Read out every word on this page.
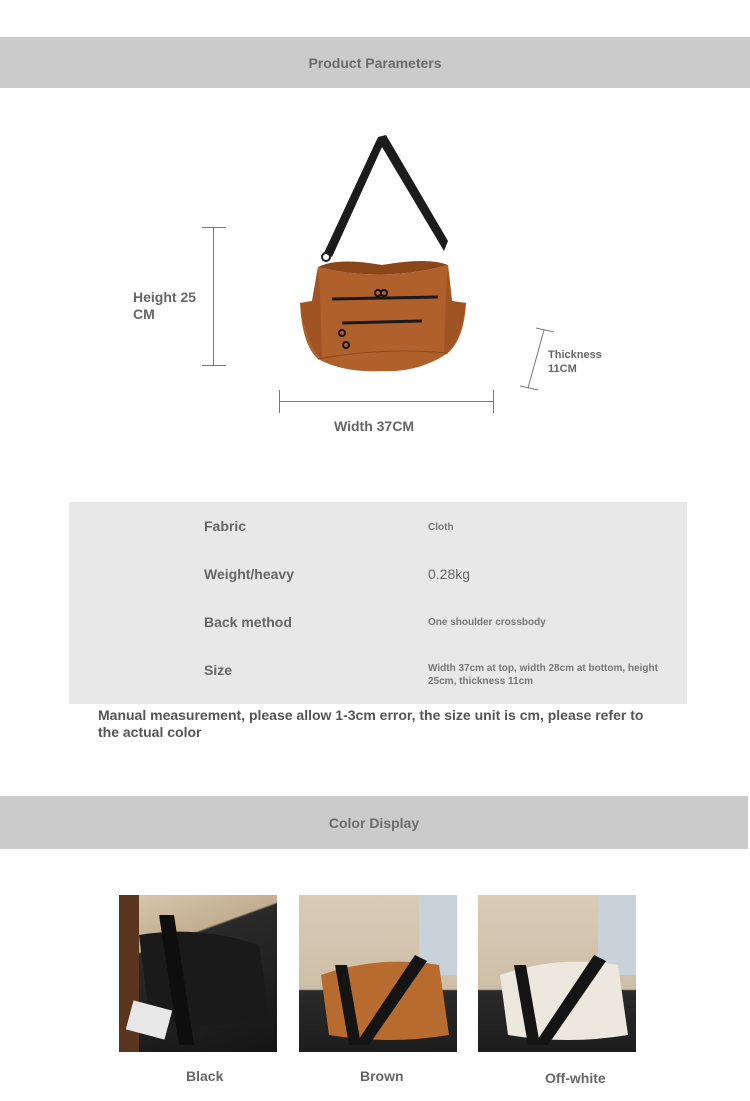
Product Parameters
Height 25
CM
Width 37CM
Thickness
11CM
Fabric	Cloth
Weight/heavy	0.28kg
Back method	One shoulder crossbody
Size	Width 37cm at top, width 28cm at bottom, height 25cm, thickness 11cm
Manual measurement, please allow 1-3cm error, the size unit is cm, please refer to the actual color
Color Display
Black	Brown	Off-white
